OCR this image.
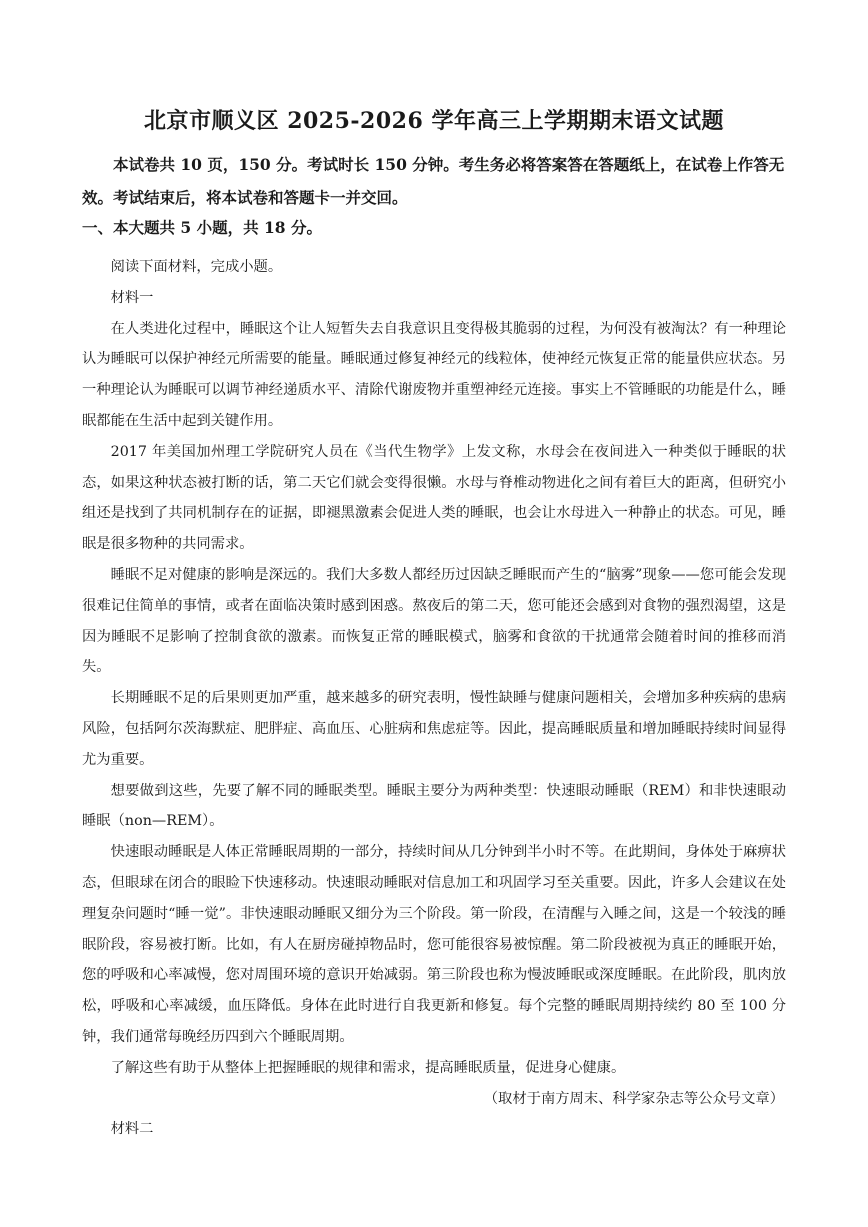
北京市顺义区 2025-2026 学年高三上学期期末语文试题
本试卷共 10 页，150 分。考试时长 150 分钟。考生务必将答案答在答题纸上，在试卷上作答无效。考试结束后，将本试卷和答题卡一并交回。
一、本大题共 5 小题，共 18 分。

阅读下面材料，完成小题。

材料一

在人类进化过程中，睡眠这个让人短暂失去自我意识且变得极其脆弱的过程，为何没有被淘汰？有一种理论认为睡眠可以保护神经元所需要的能量。睡眠通过修复神经元的线粒体，使神经元恢复正常的能量供应状态。另一种理论认为睡眠可以调节神经递质水平、清除代谢废物并重塑神经元连接。事实上不管睡眠的功能是什么，睡眠都能在生活中起到关键作用。

2017 年美国加州理工学院研究人员在《当代生物学》上发文称，水母会在夜间进入一种类似于睡眠的状态，如果这种状态被打断的话，第二天它们就会变得很懒。水母与脊椎动物进化之间有着巨大的距离，但研究小组还是找到了共同机制存在的证据，即褪黑激素会促进人类的睡眠，也会让水母进入一种静止的状态。可见，睡眠是很多物种的共同需求。

睡眠不足对健康的影响是深远的。我们大多数人都经历过因缺乏睡眠而产生的“脑雾”现象——您可能会发现很难记住简单的事情，或者在面临决策时感到困惑。熬夜后的第二天，您可能还会感到对食物的强烈渴望，这是因为睡眠不足影响了控制食欲的激素。而恢复正常的睡眠模式，脑雾和食欲的干扰通常会随着时间的推移而消失。

长期睡眠不足的后果则更加严重，越来越多的研究表明，慢性缺睡与健康问题相关，会增加多种疾病的患病风险，包括阿尔茨海默症、肥胖症、高血压、心脏病和焦虑症等。因此，提高睡眠质量和增加睡眠持续时间显得尤为重要。

想要做到这些，先要了解不同的睡眠类型。睡眠主要分为两种类型：快速眼动睡眠（REM）和非快速眼动睡眠（non—REM）。

快速眼动睡眠是人体正常睡眠周期的一部分，持续时间从几分钟到半小时不等。在此期间，身体处于麻痹状态，但眼球在闭合的眼睑下快速移动。快速眼动睡眠对信息加工和巩固学习至关重要。因此，许多人会建议在处理复杂问题时“睡一觉”。非快速眼动睡眠又细分为三个阶段。第一阶段，在清醒与入睡之间，这是一个较浅的睡眠阶段，容易被打断。比如，有人在厨房碰掉物品时，您可能很容易被惊醒。第二阶段被视为真正的睡眠开始，您的呼吸和心率减慢，您对周围环境的意识开始减弱。第三阶段也称为慢波睡眠或深度睡眠。在此阶段，肌肉放松，呼吸和心率减缓，血压降低。身体在此时进行自我更新和修复。每个完整的睡眠周期持续约 80 至 100 分钟，我们通常每晚经历四到六个睡眠周期。

了解这些有助于从整体上把握睡眠的规律和需求，提高睡眠质量，促进身心健康。

（取材于南方周末、科学家杂志等公众号文章）

材料二
